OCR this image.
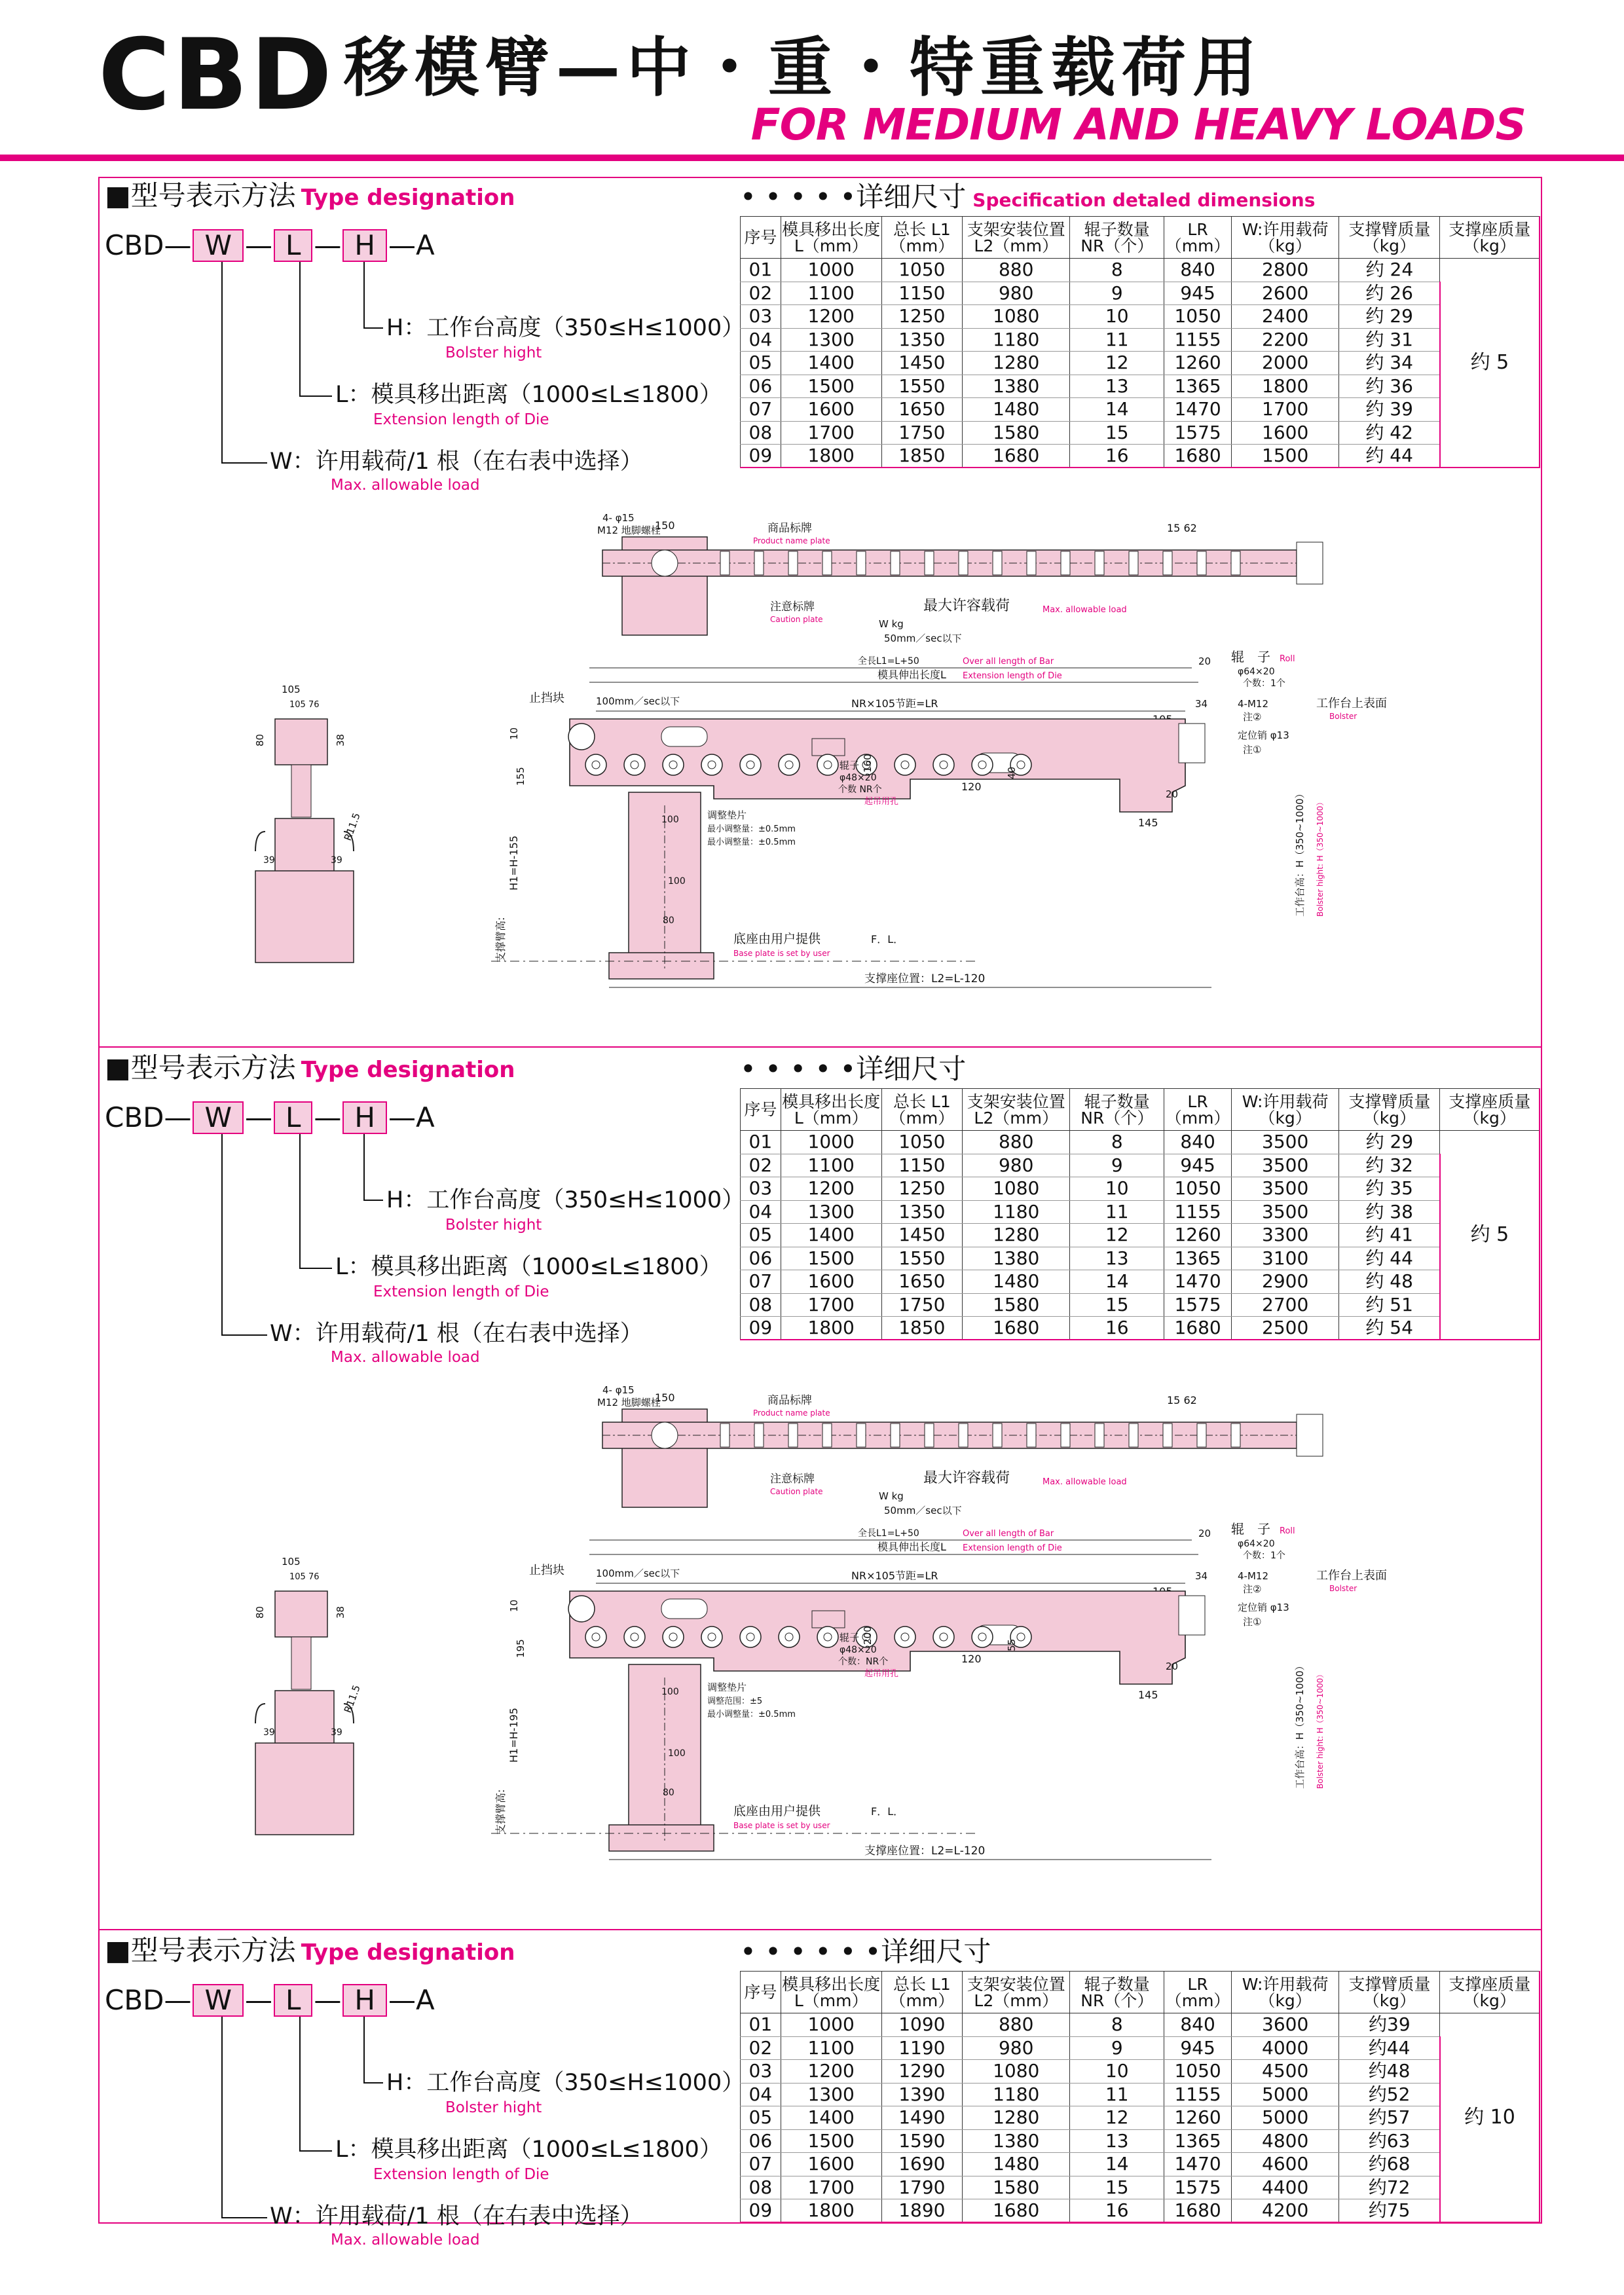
CBD 移模臂—中・重・特重载荷用
FOR MEDIUM AND HEAVY LOADS
■型号表示方法 Type designation
CBD— W — L — H —A
H：工作台高度（350≤H≤1000）
Bolster hight
L：模具移出距离（1000≤L≤1800）
Extension length of Die
W：许用载荷/1 根（在右表中选择）
Max. allowable load
• • • • •详细尺寸 Specification detaled dimensions
序号	模具移出长度 L（mm）	总长 L1（mm）	支架安装位置 L2（mm）	辊子数量 NR（个）	LR（mm）	W:许用载荷（kg）	支撑臂质量（kg）	支撑座质量（kg）
01	1000	1050	880	8	840	2800	约 24	约 5
02	1100	1150	980	9	945	2600	约 26	
03	1200	1250	1080	10	1050	2400	约 29	
04	1300	1350	1180	11	1155	2200	约 31	
05	1400	1450	1280	12	1260	2000	约 34	
06	1500	1550	1380	13	1365	1800	约 36	
07	1600	1650	1480	14	1470	1700	约 39	
08	1700	1750	1580	15	1575	1600	约 42	
09	1800	1850	1680	16	1680	1500	约 44	
4- φ15
M12 地脚螺栓
150	商品标牌
Product name plate
15 62
注意标牌
Caution plate
最大许容载荷	Max. allowable load
W kg
50mm／sec以下
全長L1=L+50	Over all length of Bar
模具伸出长度L Extension length of Die
20 辊　子 Roll
φ64×20
个数：1个
止挡块	100mm／sec以下	NR×105节距=LR	4-M12
注②
工作台上表面
Bolster
34
定位销 φ13
注①
40
160
120
20
145
辊子
φ48×20
个数 NR个
起吊用孔
10
155
100
100
80
调整垫片
最小调整量：±0.5mm
最小调整量：±0.5mm
H1=H-155
支撑臂高:	底座由用户提供
Base plate is set by user
F．L．
支撑座位置：L2=L-120
工作台高：H（350~1000） Bolster hight: H（350~1000）
105
105 76
80	38
R11.5
39	39
■型号表示方法 Type designation
CBD— W — L — H —A
H：工作台高度（350≤H≤1000）
Bolster hight
L：模具移出距离（1000≤L≤1800）
Extension length of Die
W：许用载荷/1 根（在右表中选择）
Max. allowable load
• • • • •详细尺寸
序号	模具移出长度 L（mm）	总长 L1（mm）	支架安装位置 L2（mm）	辊子数量 NR（个）	LR（mm）	W:许用载荷（kg）	支撑臂质量（kg）	支撑座质量（kg）
01	1000	1050	880	8	840	3500	约 29	约 5
02	1100	1150	980	9	945	3500	约 32	
03	1200	1250	1080	10	1050	3500	约 35	
04	1300	1350	1180	11	1155	3500	约 38	
05	1400	1450	1280	12	1260	3300	约 41	
06	1500	1550	1380	13	1365	3100	约 44	
07	1600	1650	1480	14	1470	2900	约 48	
08	1700	1750	1580	15	1575	2700	约 51	
09	1800	1850	1680	16	1680	2500	约 54	
4- φ15
M12 地脚螺栓
150	商品标牌
Product name plate
15 62
注意标牌
Caution plate
最大许容载荷	Max. allowable load
W kg
50mm／sec以下
全長L1=L+50	Over all length of Bar
模具伸出长度L Extension length of Die
20 辊　子 Roll
φ64×20
个数：1个
止挡块	100mm／sec以下	NR×105节距=LR	4-M12
注②
工作台上表面
Bolster
34
定位销 φ13
注①
55
200
120
20
145
辊子
φ48×20
个数：NR个
起吊用孔
10
195
100
100
80
调整垫片
调整范围：±5
最小调整量：±0.5mm
H1=H-195
支撑臂高:	底座由用户提供
Base plate is set by user
F．L．
支撑座位置：L2=L-120
工作台高：H（350~1000） Bolster hight: H（350~1000）
105
105 76
80	38
R11.5
39	39
■型号表示方法 Type designation
CBD— W — L — H —A
H：工作台高度（350≤H≤1000）
Bolster hight
L：模具移出距离（1000≤L≤1800）
Extension length of Die
W：许用载荷/1 根（在右表中选择）
Max. allowable load
• • • • • •详细尺寸
序号	模具移出长度 L（mm）	总长 L1（mm）	支架安装位置 L2（mm）	辊子数量 NR（个）	LR（mm）	W:许用载荷（kg）	支撑臂质量（kg）	支撑座质量（kg）
01	1000	1090	880	8	840	3600	约39	约 10
02	1100	1190	980	9	945	4000	约44	
03	1200	1290	1080	10	1050	4500	约48	
04	1300	1390	1180	11	1155	5000	约52	
05	1400	1490	1280	12	1260	5000	约57	
06	1500	1590	1380	13	1365	4800	约63	
07	1600	1690	1480	14	1470	4600	约68	
08	1700	1790	1580	15	1575	4400	约72	
09	1800	1890	1680	16	1680	4200	约75	
